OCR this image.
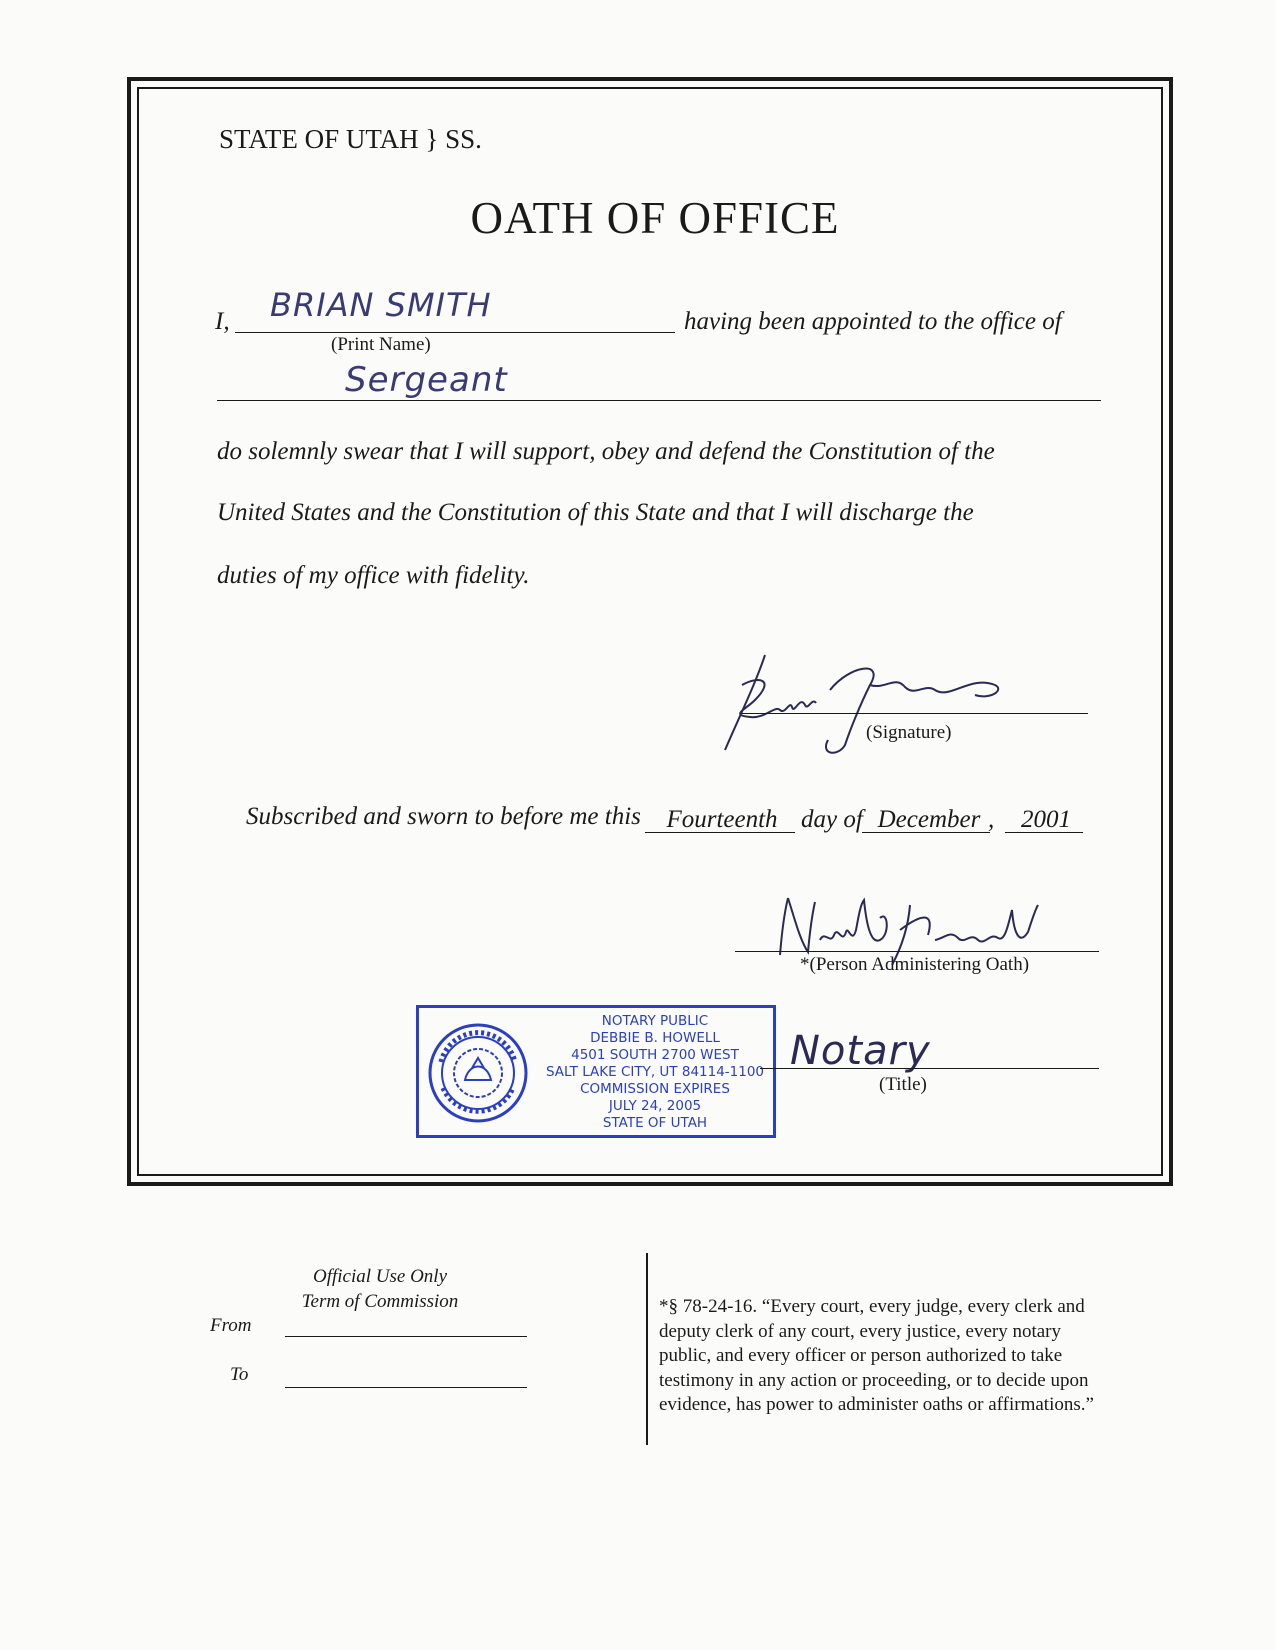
STATE OF UTAH } SS.
OATH OF OFFICE
I, BRIAN SMITH
(Print Name)
having been appointed to the office of
Sergeant
do solemnly swear that I will support, obey and defend the Constitution of the
United States and the Constitution of this State and that I will discharge the
duties of my office with fidelity.
(Signature)
Subscribed and sworn to before me this	Fourteenth day of December ,	2001
*(Person Administering Oath)
NOTARY PUBLIC
DEBBIE B. HOWELL
4501 SOUTH 2700 WEST
SALT LAKE CITY, UT 84114-1100
COMMISSION EXPIRES
JULY 24, 2005
STATE OF UTAH
Notary
(Title)
Official Use Only
Term of Commission
From
To
*§ 78-24-16. “Every court, every judge, every clerk and
deputy clerk of any court, every justice, every notary
public, and every officer or person authorized to take
testimony in any action or proceeding, or to decide upon
evidence, has power to administer oaths or affirmations.”
